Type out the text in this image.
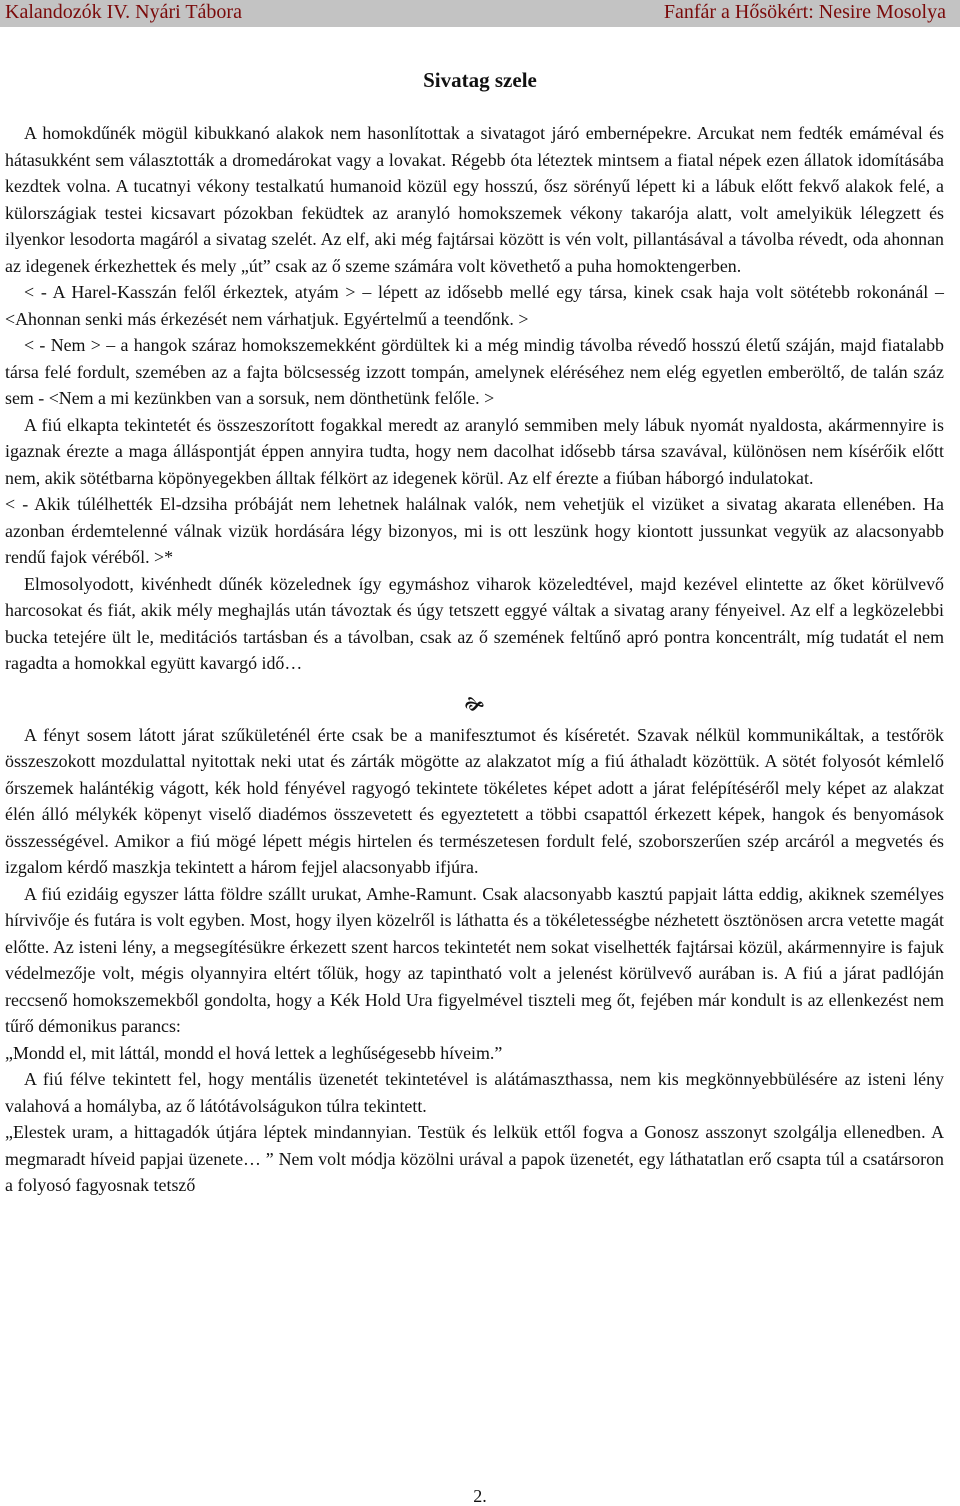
Kalandozók IV. Nyári Tábora	Fanfár a Hősökért: Nesire Mosolya
Sivatag szele

A homokdűnék mögül kibukkanó alakok nem hasonlítottak a sivatagot járó embernépekre. Arcukat nem fedték emáméval és hátasukként sem választották a dromedárokat vagy a lovakat. Régebb óta léteztek mintsem a fiatal népek ezen állatok idomításába kezdtek volna. A tucatnyi vékony testalkatú humanoid közül egy hosszú, ősz sörényű lépett ki a lábuk előtt fekvő alakok felé, a külországiak testei kicsavart pózokban feküdtek az aranyló homokszemek vékony takarója alatt, volt amelyikük lélegzett és ilyenkor lesodorta magáról a sivatag szelét. Az elf, aki még fajtársai között is vén volt, pillantásával a távolba révedt, oda ahonnan az idegenek érkezhettek és mely „út” csak az ő szeme számára volt követhető a puha homoktengerben.

< - A Harel-Kasszán felől érkeztek, atyám > – lépett az idősebb mellé egy társa, kinek csak haja volt sötétebb rokonánál – <Ahonnan senki más érkezését nem várhatjuk. Egyértelmű a teendőnk. >

< - Nem > – a hangok száraz homokszemekként gördültek ki a még mindig távolba révedő hosszú életű száján, majd fiatalabb társa felé fordult, szemében az a fajta bölcsesség izzott tompán, amelynek eléréséhez nem elég egyetlen emberöltő, de talán száz sem - <Nem a mi kezünkben van a sorsuk, nem dönthetünk felőle. >

A fiú elkapta tekintetét és összeszorított fogakkal meredt az aranyló semmiben mely lábuk nyomát nyaldosta, akármennyire is igaznak érezte a maga álláspontját éppen annyira tudta, hogy nem dacolhat idősebb társa szavával, különösen nem kísérőik előtt nem, akik sötétbarna köpönyegekben álltak félkört az idegenek körül. Az elf érezte a fiúban háborgó indulatokat.

< - Akik túlélhették El-dzsiha próbáját nem lehetnek halálnak valók, nem vehetjük el vizüket a sivatag akarata ellenében. Ha azonban érdemtelenné válnak vizük hordására légy bizonyos, mi is ott leszünk hogy kiontott jussunkat vegyük az alacsonyabb rendű fajok véréből. >*

Elmosolyodott, kivénhedt dűnék közelednek így egymáshoz viharok közeledtével, majd kezével elintette az őket körülvevő harcosokat és fiát, akik mély meghajlás után távoztak és úgy tetszett eggyé váltak a sivatag arany fényeivel. Az elf a legközelebbi bucka tetejére ült le, meditációs tartásban és a távolban, csak az ő szemének feltűnő apró pontra koncentrált, míg tudatát el nem ragadta a homokkal együtt kavargó idő…

🙞

A fényt sosem látott járat szűkületénél érte csak be a manifesztumot és kíséretét. Szavak nélkül kommunikáltak, a testőrök összeszokott mozdulattal nyitottak neki utat és zárták mögötte az alakzatot míg a fiú áthaladt közöttük. A sötét folyosót kémlelő őrszemek halántékig vágott, kék hold fényével ragyogó tekintete tökéletes képet adott a járat felépítéséről mely képet az alakzat élén álló mélykék köpenyt viselő diadémos összevetett és egyeztetett a többi csapattól érkezett képek, hangok és benyomások összességével. Amikor a fiú mögé lépett mégis hirtelen és természetesen fordult felé, szoborszerűen szép arcáról a megvetés és izgalom kérdő maszkja tekintett a három fejjel alacsonyabb ifjúra.

A fiú ezidáig egyszer látta földre szállt urukat, Amhe-Ramunt. Csak alacsonyabb kasztú papjait látta eddig, akiknek személyes hírvivője és futára is volt egyben. Most, hogy ilyen közelről is láthatta és a tökéletességbe nézhetett ösztönösen arcra vetette magát előtte. Az isteni lény, a megsegítésükre érkezett szent harcos tekintetét nem sokat viselhették fajtársai közül, akármennyire is fajuk védelmezője volt, mégis olyannyira eltért tőlük, hogy az tapintható volt a jelenést körülvevő aurában is. A fiú a járat padlóján reccsenő homokszemekből gondolta, hogy a Kék Hold Ura figyelmével tiszteli meg őt, fejében már kondult is az ellenkezést nem tűrő démonikus parancs:

„Mondd el, mit láttál, mondd el hová lettek a leghűségesebb híveim.”

A fiú félve tekintett fel, hogy mentális üzenetét tekintetével is alátámaszthassa, nem kis megkönnyebbülésére az isteni lény valahová a homályba, az ő látótávolságukon túlra tekintett.

„Elestek uram, a hittagadók útjára léptek mindannyian. Testük és lelkük ettől fogva a Gonosz asszonyt szolgálja ellenedben. A megmaradt híveid papjai üzenete… ” Nem volt módja közölni urával a papok üzenetét, egy láthatatlan erő csapta túl a csatársoron a folyosó fagyosnak tetsző

2.
